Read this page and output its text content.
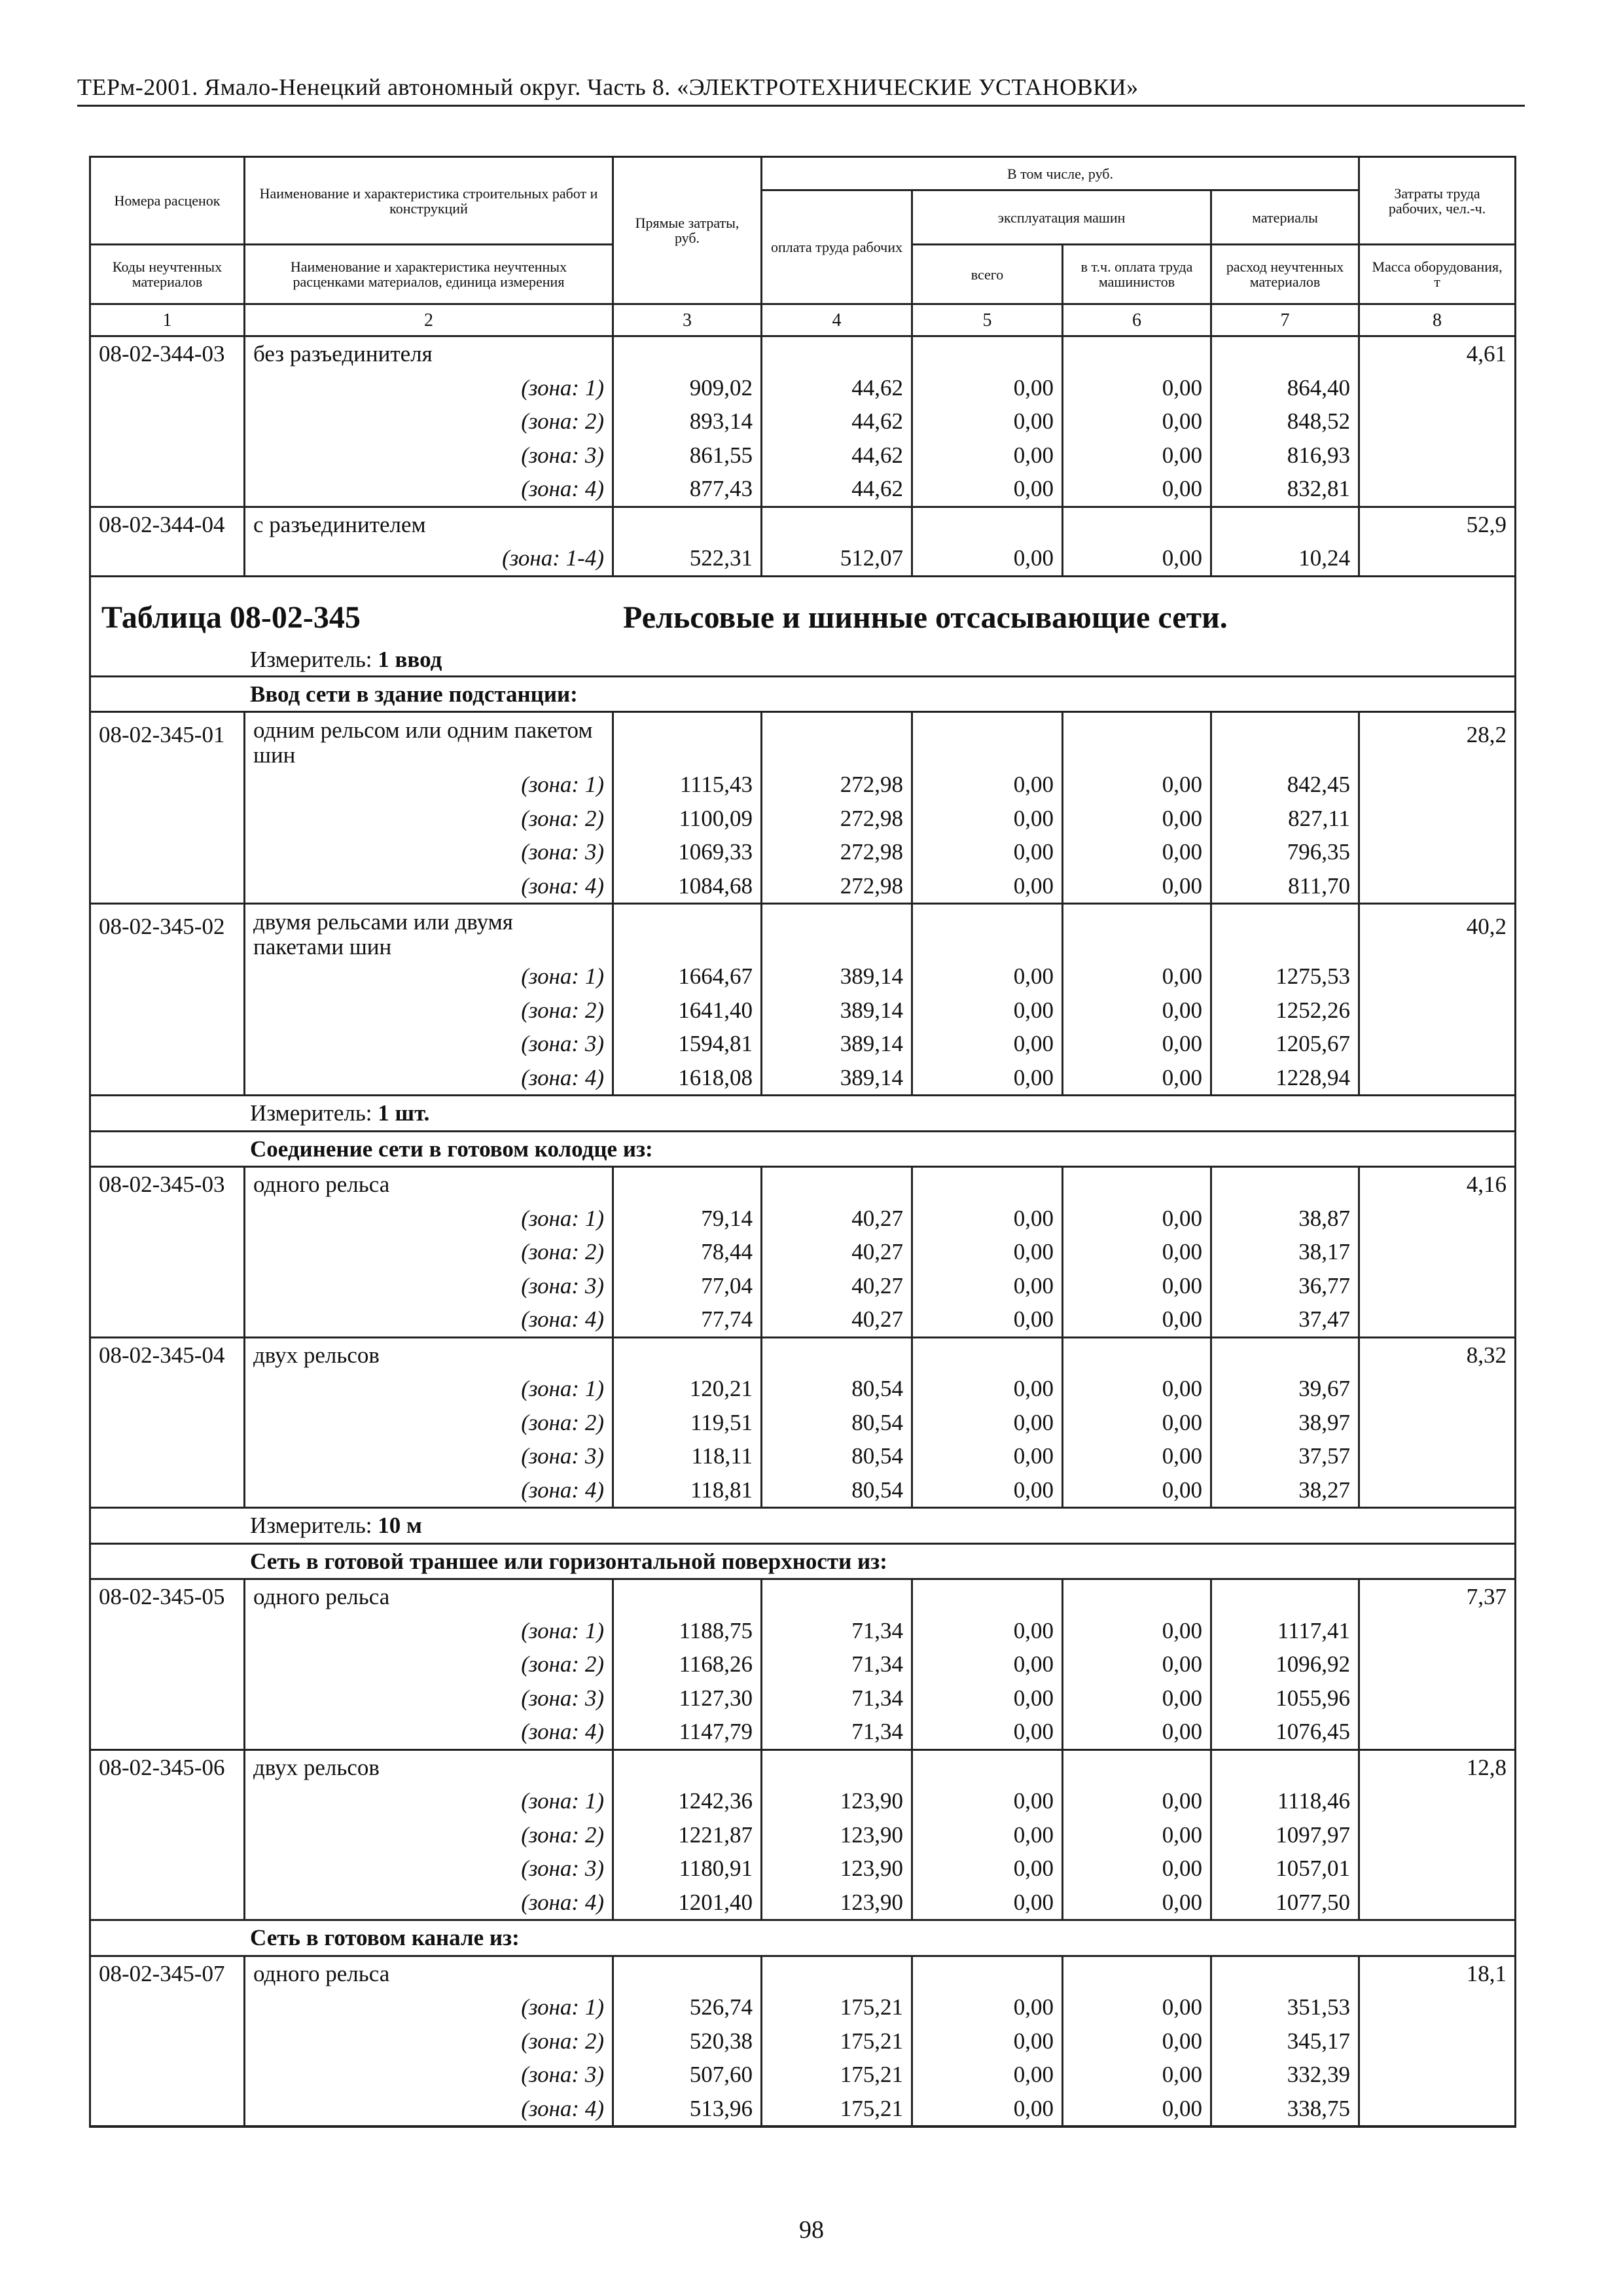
ТЕРм-2001. Ямало-Ненецкий автономный округ. Часть 8. «ЭЛЕКТРОТЕХНИЧЕСКИЕ УСТАНОВКИ»
Номера расценок	Наименование и характеристика строительных работ и конструкций	Прямые затраты, руб.	В том числе, руб.				Затраты труда рабочих, чел.-ч.
			оплата труда рабочих	эксплуатация машин		материалы	
Коды неучтенных материалов	Наименование и характеристика неучтенных расценками материалов, единица измерения			всего	в т.ч. оплата труда машинистов	расход неучтенных материалов	Масса оборудования, т
1	2	3	4	5	6	7	8
08-02-344-03	без разъединителя						4,61
	(зона: 1)	909,02	44,62	0,00	0,00	864,40	
	(зона: 2)	893,14	44,62	0,00	0,00	848,52	
	(зона: 3)	861,55	44,62	0,00	0,00	816,93	
	(зона: 4)	877,43	44,62	0,00	0,00	832,81	
08-02-344-04	с разъединителем						52,9
	(зона: 1-4)	522,31	512,07	0,00	0,00	10,24	

Таблица 08-02-345 Рельсовые и шинные отсасывающие сети.
Измеритель: 1 ввод							

Ввод сети в здание подстанции:							
08-02-345-01	одним рельсом или одним пакетом шин						28,2
	(зона: 1)	1115,43	272,98	0,00	0,00	842,45	
	(зона: 2)	1100,09	272,98	0,00	0,00	827,11	
	(зона: 3)	1069,33	272,98	0,00	0,00	796,35	
	(зона: 4)	1084,68	272,98	0,00	0,00	811,70	
08-02-345-02	двумя рельсами или двумя пакетами шин						40,2
	(зона: 1)	1664,67	389,14	0,00	0,00	1275,53	
	(зона: 2)	1641,40	389,14	0,00	0,00	1252,26	
	(зона: 3)	1594,81	389,14	0,00	0,00	1205,67	
	(зона: 4)	1618,08	389,14	0,00	0,00	1228,94	
Измеритель: 1 шт.							
Соединение сети в готовом колодце из:							
08-02-345-03	одного рельса						4,16
	(зона: 1)	79,14	40,27	0,00	0,00	38,87	
	(зона: 2)	78,44	40,27	0,00	0,00	38,17	
	(зона: 3)	77,04	40,27	0,00	0,00	36,77	
	(зона: 4)	77,74	40,27	0,00	0,00	37,47	
08-02-345-04	двух рельсов						8,32
	(зона: 1)	120,21	80,54	0,00	0,00	39,67	
	(зона: 2)	119,51	80,54	0,00	0,00	38,97	
	(зона: 3)	118,11	80,54	0,00	0,00	37,57	
	(зона: 4)	118,81	80,54	0,00	0,00	38,27	
Измеритель: 10 м							
Сеть в готовой траншее или горизонтальной поверхности из:							
08-02-345-05	одного рельса						7,37
	(зона: 1)	1188,75	71,34	0,00	0,00	1117,41	
	(зона: 2)	1168,26	71,34	0,00	0,00	1096,92	
	(зона: 3)	1127,30	71,34	0,00	0,00	1055,96	
	(зона: 4)	1147,79	71,34	0,00	0,00	1076,45	
08-02-345-06	двух рельсов						12,8
	(зона: 1)	1242,36	123,90	0,00	0,00	1118,46	
	(зона: 2)	1221,87	123,90	0,00	0,00	1097,97	
	(зона: 3)	1180,91	123,90	0,00	0,00	1057,01	
	(зона: 4)	1201,40	123,90	0,00	0,00	1077,50	
Сеть в готовом канале из:							
08-02-345-07	одного рельса						18,1
	(зона: 1)	526,74	175,21	0,00	0,00	351,53	
	(зона: 2)	520,38	175,21	0,00	0,00	345,17	
	(зона: 3)	507,60	175,21	0,00	0,00	332,39	
	(зона: 4)	513,96	175,21	0,00	0,00	338,75	
98
